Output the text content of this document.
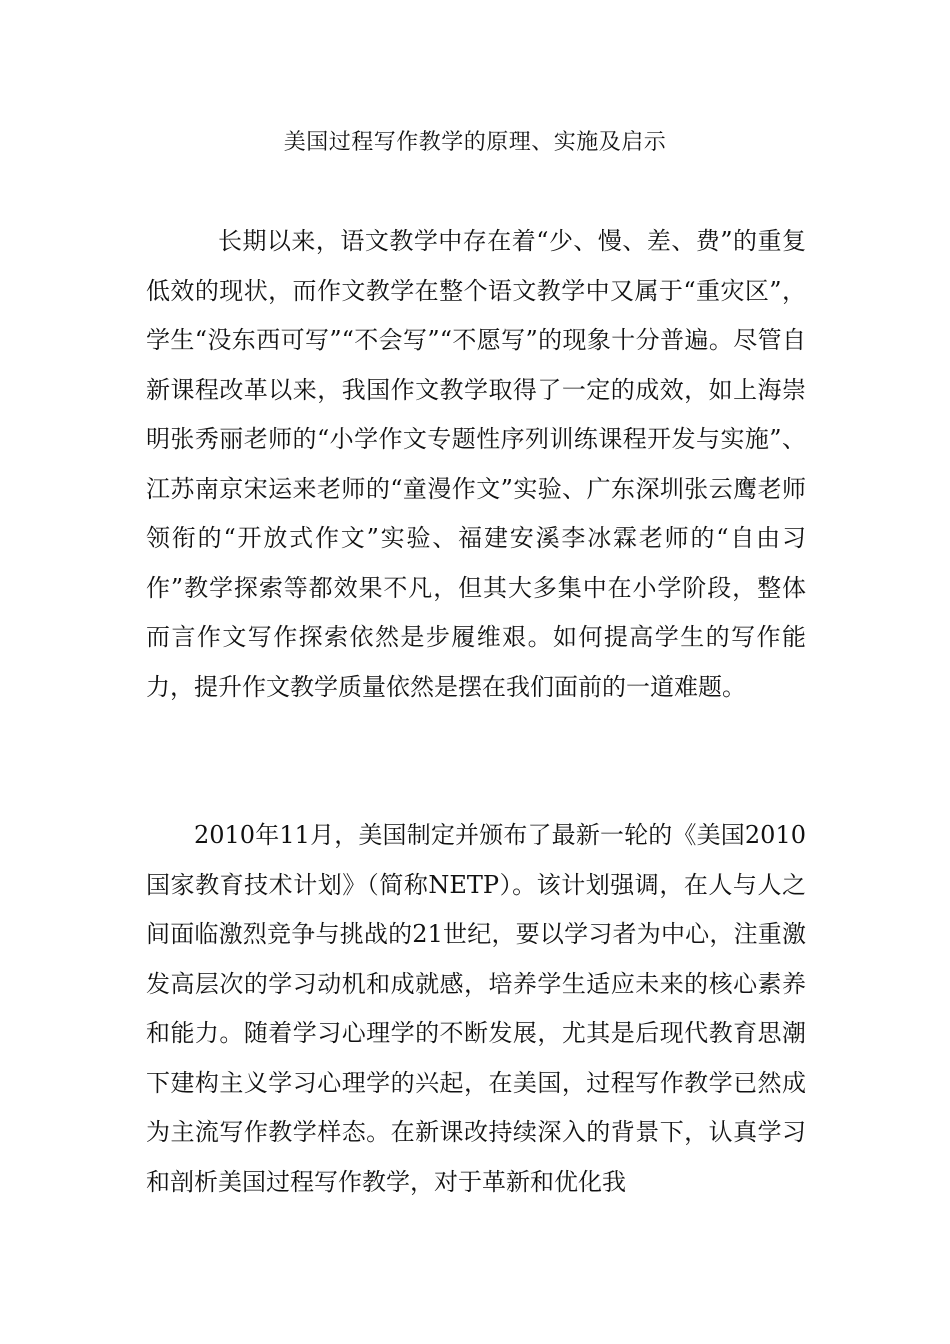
美国过程写作教学的原理、实施及启示

长期以来，语文教学中存在着“少、慢、差、费”的重复低效的现状，而作文教学在整个语文教学中又属于“重灾区”，学生“没东西可写”“不会写”“不愿写”的现象十分普遍。尽管自新课程改革以来，我国作文教学取得了一定的成效，如上海崇明张秀丽老师的“小学作文专题性序列训练课程开发与实施”、江苏南京宋运来老师的“童漫作文”实验、广东深圳张云鹰老师领衔的“开放式作文”实验、福建安溪李冰霖老师的“自由习作”教学探索等都效果不凡，但其大多集中在小学阶段，整体而言作文写作探索依然是步履维艰。如何提高学生的写作能力，提升作文教学质量依然是摆在我们面前的一道难题。

2010年11月，美国制定并颁布了最新一轮的《美国2010国家教育技术计划》（简称NETP）。该计划强调，在人与人之间面临激烈竞争与挑战的21世纪，要以学习者为中心，注重激发高层次的学习动机和成就感，培养学生适应未来的核心素养和能力。随着学习心理学的不断发展，尤其是后现代教育思潮下建构主义学习心理学的兴起，在美国，过程写作教学已然成为主流写作教学样态。在新课改持续深入的背景下，认真学习和剖析美国过程写作教学，对于革新和优化我
